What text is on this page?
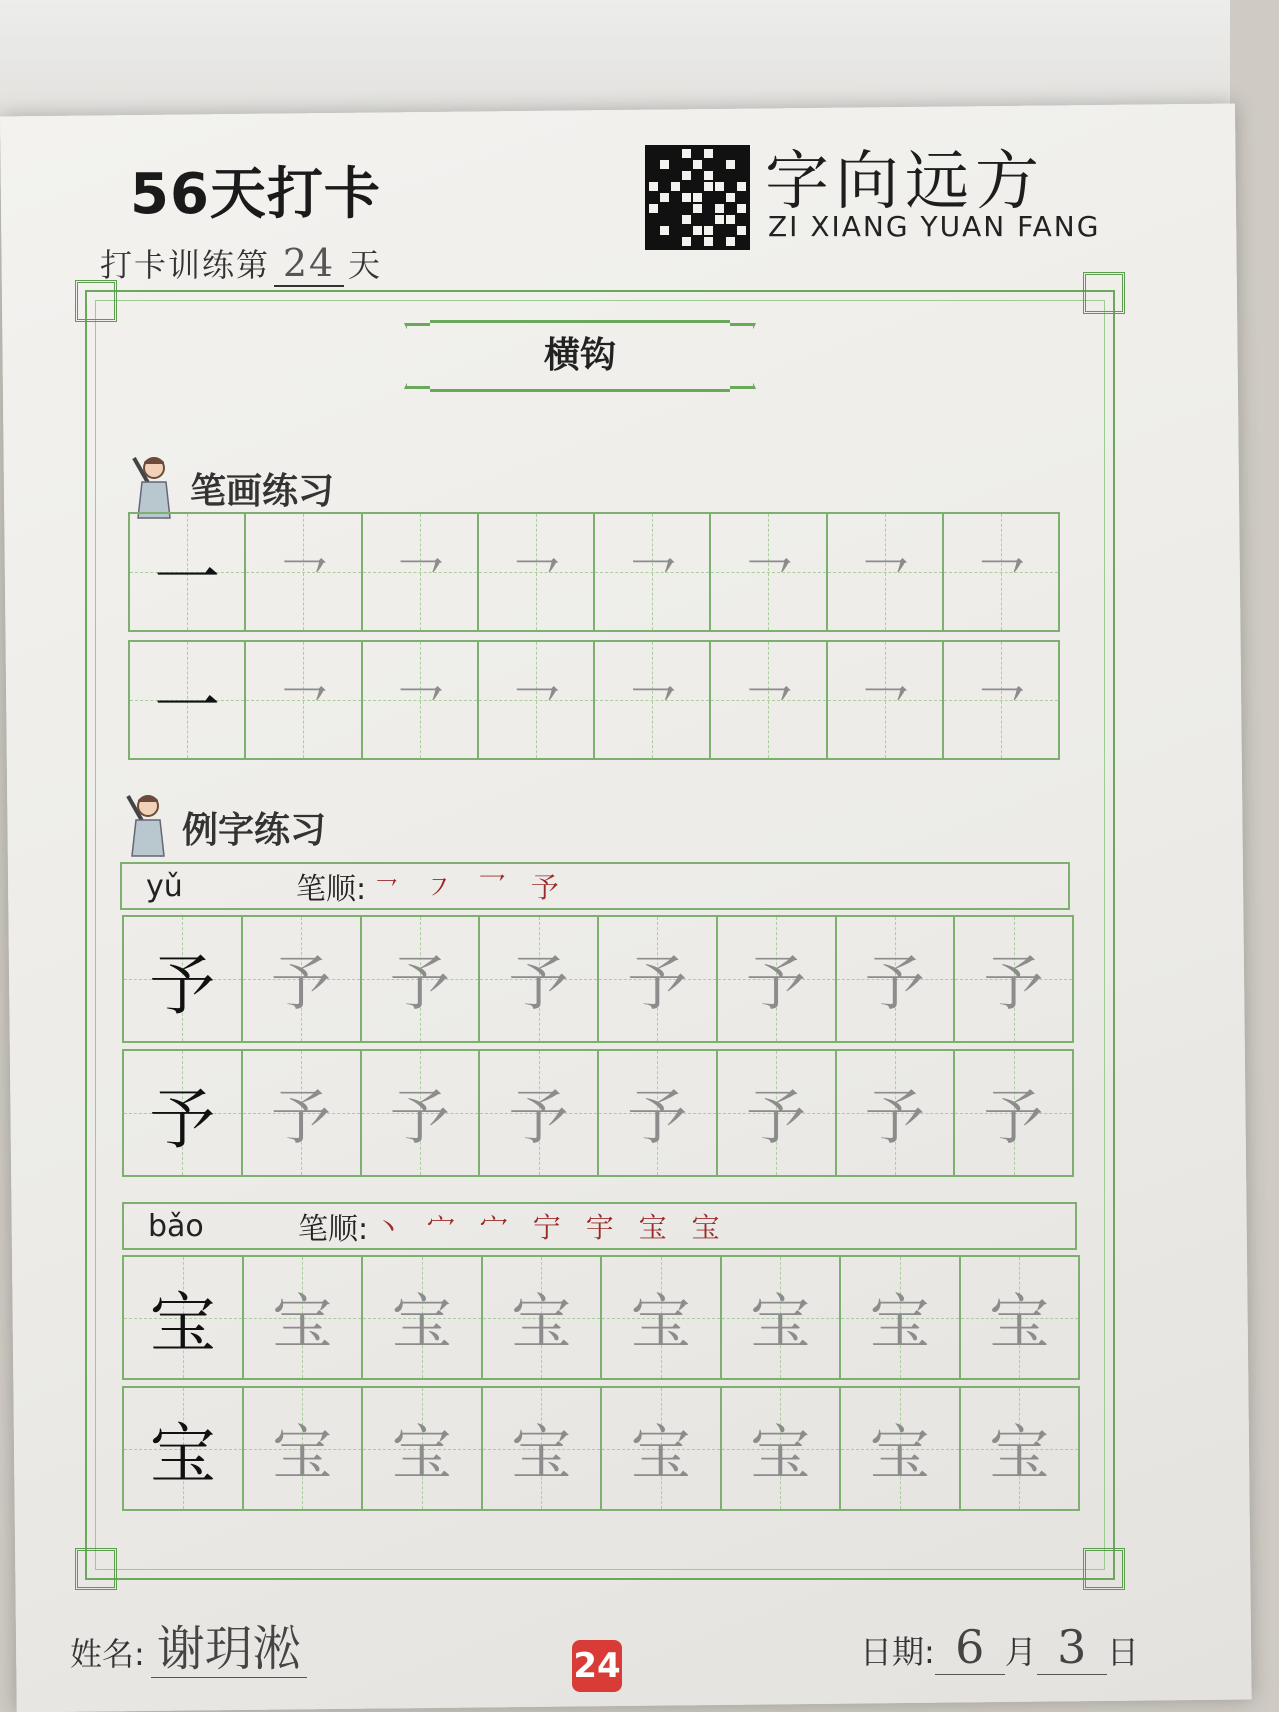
56天打卡
打卡训练第 24 天
字向远方
ZI XIANG YUAN FANG
横钩
笔画练习
一 ㇖ ㇖ ㇖ ㇖ ㇖ ㇖ ㇖
一 ㇖ ㇖ ㇖ ㇖ ㇖ ㇖ ㇖
例字练习
yǔ	笔顺: ㇖ ㇇ 乛 予
予 予 予 予 予 予 予 予
予 予 予 予 予 予 予 予
bǎo	笔顺: 丶 宀 宀 宁 宇 宝 宝
宝 宝 宝 宝 宝 宝 宝 宝
宝 宝 宝 宝 宝 宝 宝 宝
姓名: 谢玥淞	24	日期: 6 月 3 日
